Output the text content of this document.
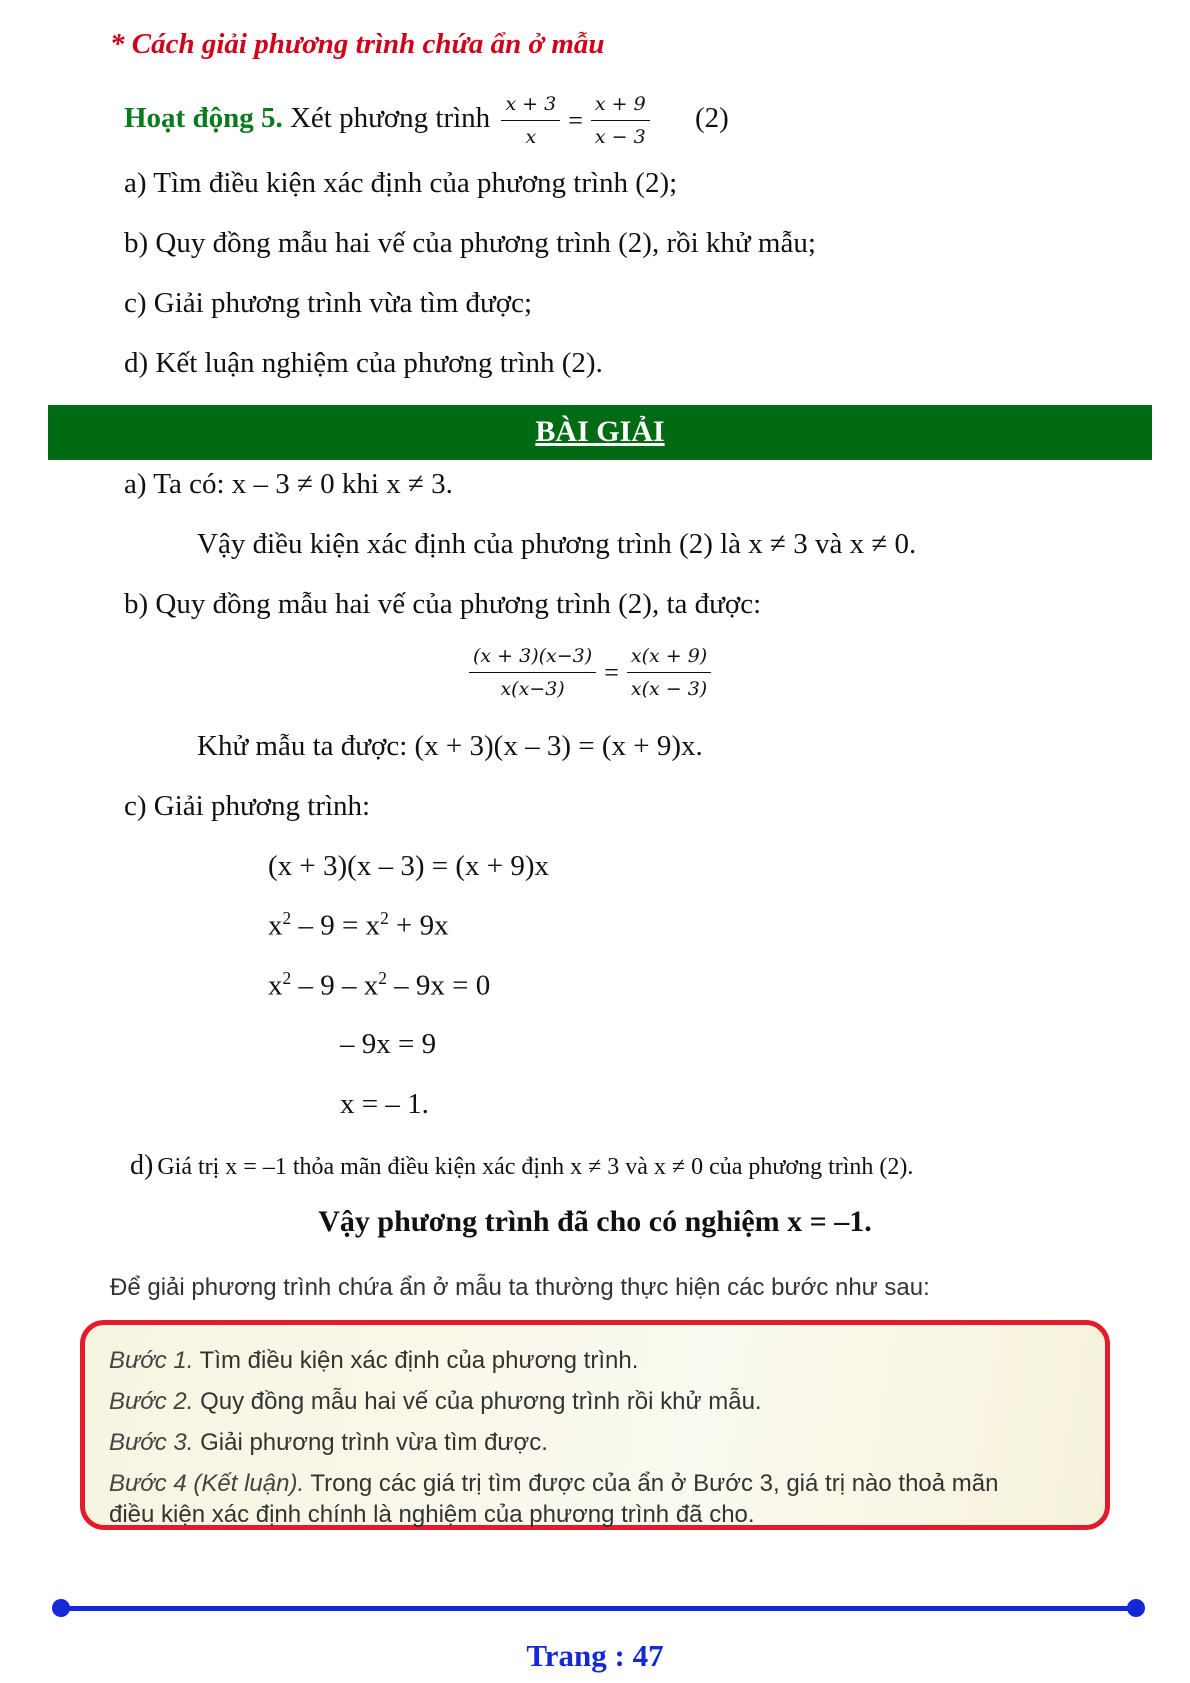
* Cách giải phương trình chứa ẩn ở mẫu
Hoạt động 5. Xét phương trình $\frac{x + 3}{x} = \frac{x + 9}{x - 3} (2)$
a) Tìm điều kiện xác định của phương trình (2);
b) Quy đồng mẫu hai vế của phương trình (2), rồi khử mẫu;
c) Giải phương trình vừa tìm được;
d) Kết luận nghiệm của phương trình (2).
BÀI GIẢI
a) Ta có: x – 3 ≠ 0 khi x ≠ 3.
Vậy điều kiện xác định của phương trình (2) là x ≠ 3 và x ≠ 0.
b) Quy đồng mẫu hai vế của phương trình (2), ta được:
$\frac{(x + 3)(x-3)}{x(x-3)} = \frac{x(x + 9)}{x(x - 3)}$
Khử mẫu ta được: (x + 3)(x – 3) = (x + 9)x.
c) Giải phương trình:
(x + 3)(x – 3) = (x + 9)x
$x^2 - 9 = x^2 + 9x$
$x^2 - 9 - x^2 - 9x = 0$
– 9x = 9
x = – 1.
d) Giá trị x = –1 thỏa mãn điều kiện xác định x ≠ 3 và x ≠ 0 của phương trình (2).
Vậy phương trình đã cho có nghiệm x = –1.
Để giải phương trình chứa ẩn ở mẫu ta thường thực hiện các bước như sau:
Bước 1. Tìm điều kiện xác định của phương trình.
Bước 2. Quy đồng mẫu hai vế của phương trình rồi khử mẫu.
Bước 3. Giải phương trình vừa tìm được.
Bước 4 (Kết luận). Trong các giá trị tìm được của ẩn ở Bước 3, giá trị nào thoả mãn
điều kiện xác định chính là nghiệm của phương trình đã cho.
Trang : 47
